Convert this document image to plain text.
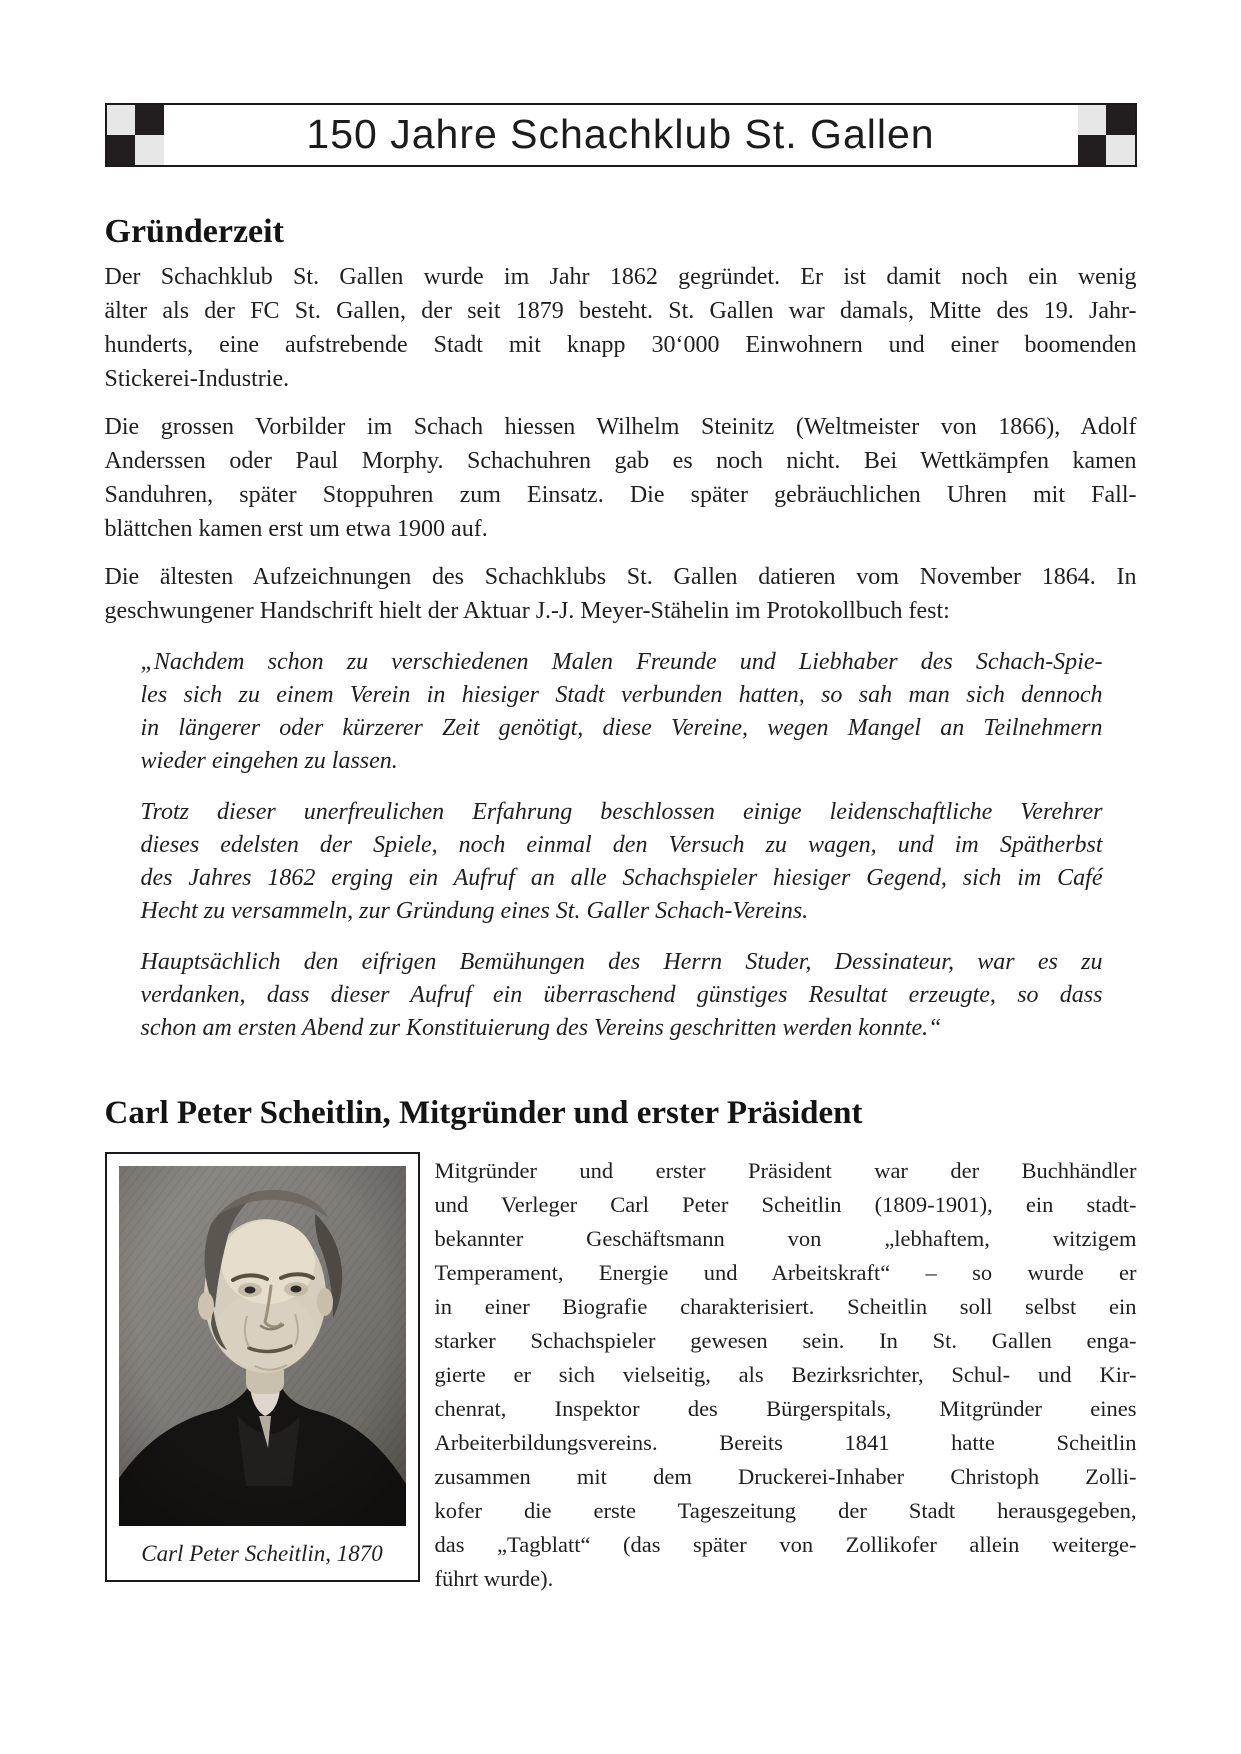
150 Jahre Schachklub St. Gallen
Gründerzeit
Der Schachklub St. Gallen wurde im Jahr 1862 gegründet. Er ist damit noch ein wenig
älter als der FC St. Gallen, der seit 1879 besteht. St. Gallen war damals, Mitte des 19. Jahr-
hunderts, eine aufstrebende Stadt mit knapp 30‘000 Einwohnern und einer boomenden
Stickerei-Industrie.
Die grossen Vorbilder im Schach hiessen Wilhelm Steinitz (Weltmeister von 1866), Adolf
Anderssen oder Paul Morphy. Schachuhren gab es noch nicht. Bei Wettkämpfen kamen
Sanduhren, später Stoppuhren zum Einsatz. Die später gebräuchlichen Uhren mit Fall-
blättchen kamen erst um etwa 1900 auf.
Die ältesten Aufzeichnungen des Schachklubs St. Gallen datieren vom November 1864. In
geschwungener Handschrift hielt der Aktuar J.-J. Meyer-Stähelin im Protokollbuch fest:
„Nachdem schon zu verschiedenen Malen Freunde und Liebhaber des Schach-Spie-
les sich zu einem Verein in hiesiger Stadt verbunden hatten, so sah man sich dennoch
in längerer oder kürzerer Zeit genötigt, diese Vereine, wegen Mangel an Teilnehmern
wieder eingehen zu lassen.
Trotz dieser unerfreulichen Erfahrung beschlossen einige leidenschaftliche Verehrer
dieses edelsten der Spiele, noch einmal den Versuch zu wagen, und im Spätherbst
des Jahres 1862 erging ein Aufruf an alle Schachspieler hiesiger Gegend, sich im Café
Hecht zu versammeln, zur Gründung eines St. Galler Schach-Vereins.
Hauptsächlich den eifrigen Bemühungen des Herrn Studer, Dessinateur, war es zu
verdanken, dass dieser Aufruf ein überraschend günstiges Resultat erzeugte, so dass
schon am ersten Abend zur Konstituierung des Vereins geschritten werden konnte.“
Carl Peter Scheitlin, Mitgründer und erster Präsident
Carl Peter Scheitlin, 1870
Mitgründer und erster Präsident war der Buchhändler
und Verleger Carl Peter Scheitlin (1809-1901), ein stadt-
bekannter Geschäftsmann von „lebhaftem, witzigem
Temperament, Energie und Arbeitskraft“ – so wurde er
in einer Biografie charakterisiert. Scheitlin soll selbst ein
starker Schachspieler gewesen sein. In St. Gallen enga-
gierte er sich vielseitig, als Bezirksrichter, Schul- und Kir-
chenrat, Inspektor des Bürgerspitals, Mitgründer eines
Arbeiterbildungsvereins. Bereits 1841 hatte Scheitlin
zusammen mit dem Druckerei-Inhaber Christoph Zolli-
kofer die erste Tageszeitung der Stadt herausgegeben,
das „Tagblatt“ (das später von Zollikofer allein weiterge-
führt wurde).
